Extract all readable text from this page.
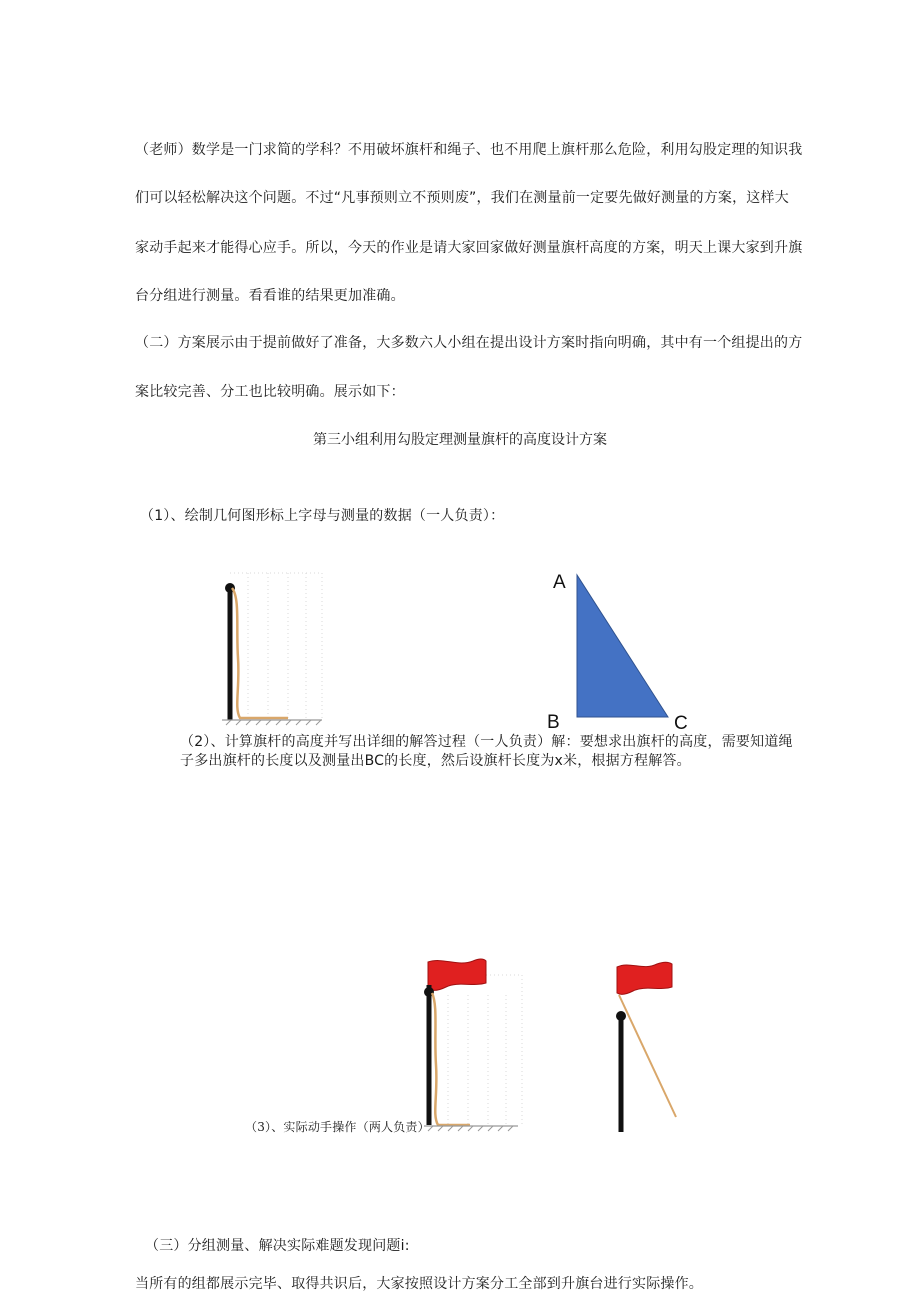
（老师）数学是一门求简的学科？不用破坏旗杆和绳子、也不用爬上旗杆那么危险，利用勾股定理的知识我
们可以轻松解决这个问题。不过“凡事预则立不预则废”，我们在测量前一定要先做好测量的方案，这样大
家动手起来才能得心应手。所以，今天的作业是请大家回家做好测量旗杆高度的方案，明天上课大家到升旗
台分组进行测量。看看谁的结果更加准确。
（二）方案展示由于提前做好了准备，大多数六人小组在提出设计方案时指向明确，其中有一个组提出的方
案比较完善、分工也比较明确。展示如下：
第三小组利用勾股定理测量旗杆的高度设计方案
（1）、绘制几何图形标上字母与测量的数据（一人负责）：
A
B	C
（2）、计算旗杆的高度并写出详细的解答过程（一人负责）解：要想求出旗杆的高度，需要知道绳
子多出旗杆的长度以及测量出BC的长度，然后设旗杆长度为x米，根据方程解答。
（3）、实际动手操作（两人负责）
（三）分组测量、解决实际难题发现问题i:
当所有的组都展示完毕、取得共识后，大家按照设计方案分工全部到升旗台进行实际操作。
